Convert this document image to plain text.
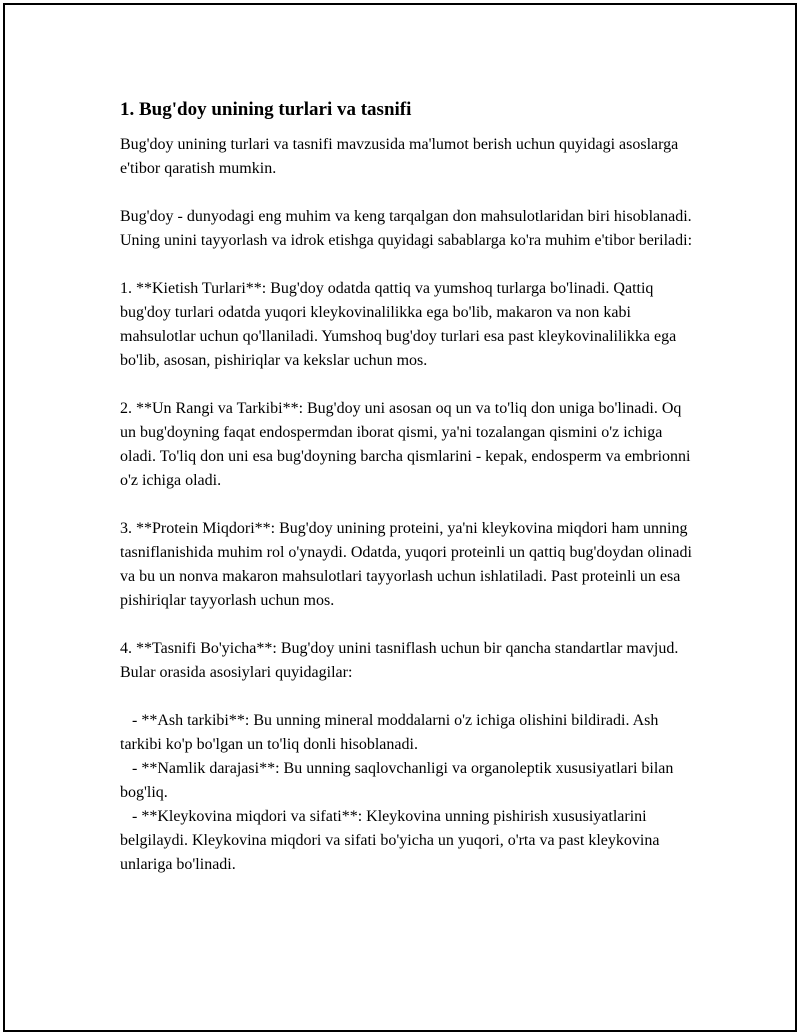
1. Bug'doy unining turlari va tasnifi

Bug'doy unining turlari va tasnifi mavzusida ma'lumot berish uchun quyidagi asoslarga e'tibor qaratish mumkin.

Bug'doy - dunyodagi eng muhim va keng tarqalgan don mahsulotlaridan biri hisoblanadi. Uning unini tayyorlash va idrok etishga quyidagi sabablarga ko'ra muhim e'tibor beriladi:

1. **Kietish Turlari**: Bug'doy odatda qattiq va yumshoq turlarga bo'linadi. Qattiq bug'doy turlari odatda yuqori kleykovinalilikka ega bo'lib, makaron va non kabi mahsulotlar uchun qo'llaniladi. Yumshoq bug'doy turlari esa past kleykovinalilikka ega bo'lib, asosan, pishiriqlar va kekslar uchun mos.

2. **Un Rangi va Tarkibi**: Bug'doy uni asosan oq un va to'liq don uniga bo'linadi. Oq un bug'doyning faqat endospermdan iborat qismi, ya'ni tozalangan qismini o'z ichiga oladi. To'liq don uni esa bug'doyning barcha qismlarini - kepak, endosperm va embrionni o'z ichiga oladi.

3. **Protein Miqdori**: Bug'doy unining proteini, ya'ni kleykovina miqdori ham unning tasniflanishida muhim rol o'ynaydi. Odatda, yuqori proteinli un qattiq bug'doydan olinadi va bu un nonva makaron mahsulotlari tayyorlash uchun ishlatiladi. Past proteinli un esa pishiriqlar tayyorlash uchun mos.

4. **Tasnifi Bo'yicha**: Bug'doy unini tasniflash uchun bir qancha standartlar mavjud. Bular orasida asosiylari quyidagilar:

- **Ash tarkibi**: Bu unning mineral moddalarni o'z ichiga olishini bildiradi. Ash tarkibi ko'p bo'lgan un to'liq donli hisoblanadi.

- **Namlik darajasi**: Bu unning saqlovchanligi va organoleptik xususiyatlari bilan bog'liq.

- **Kleykovina miqdori va sifati**: Kleykovina unning pishirish xususiyatlarini belgilaydi. Kleykovina miqdori va sifati bo'yicha un yuqori, o'rta va past kleykovina unlariga bo'linadi.
